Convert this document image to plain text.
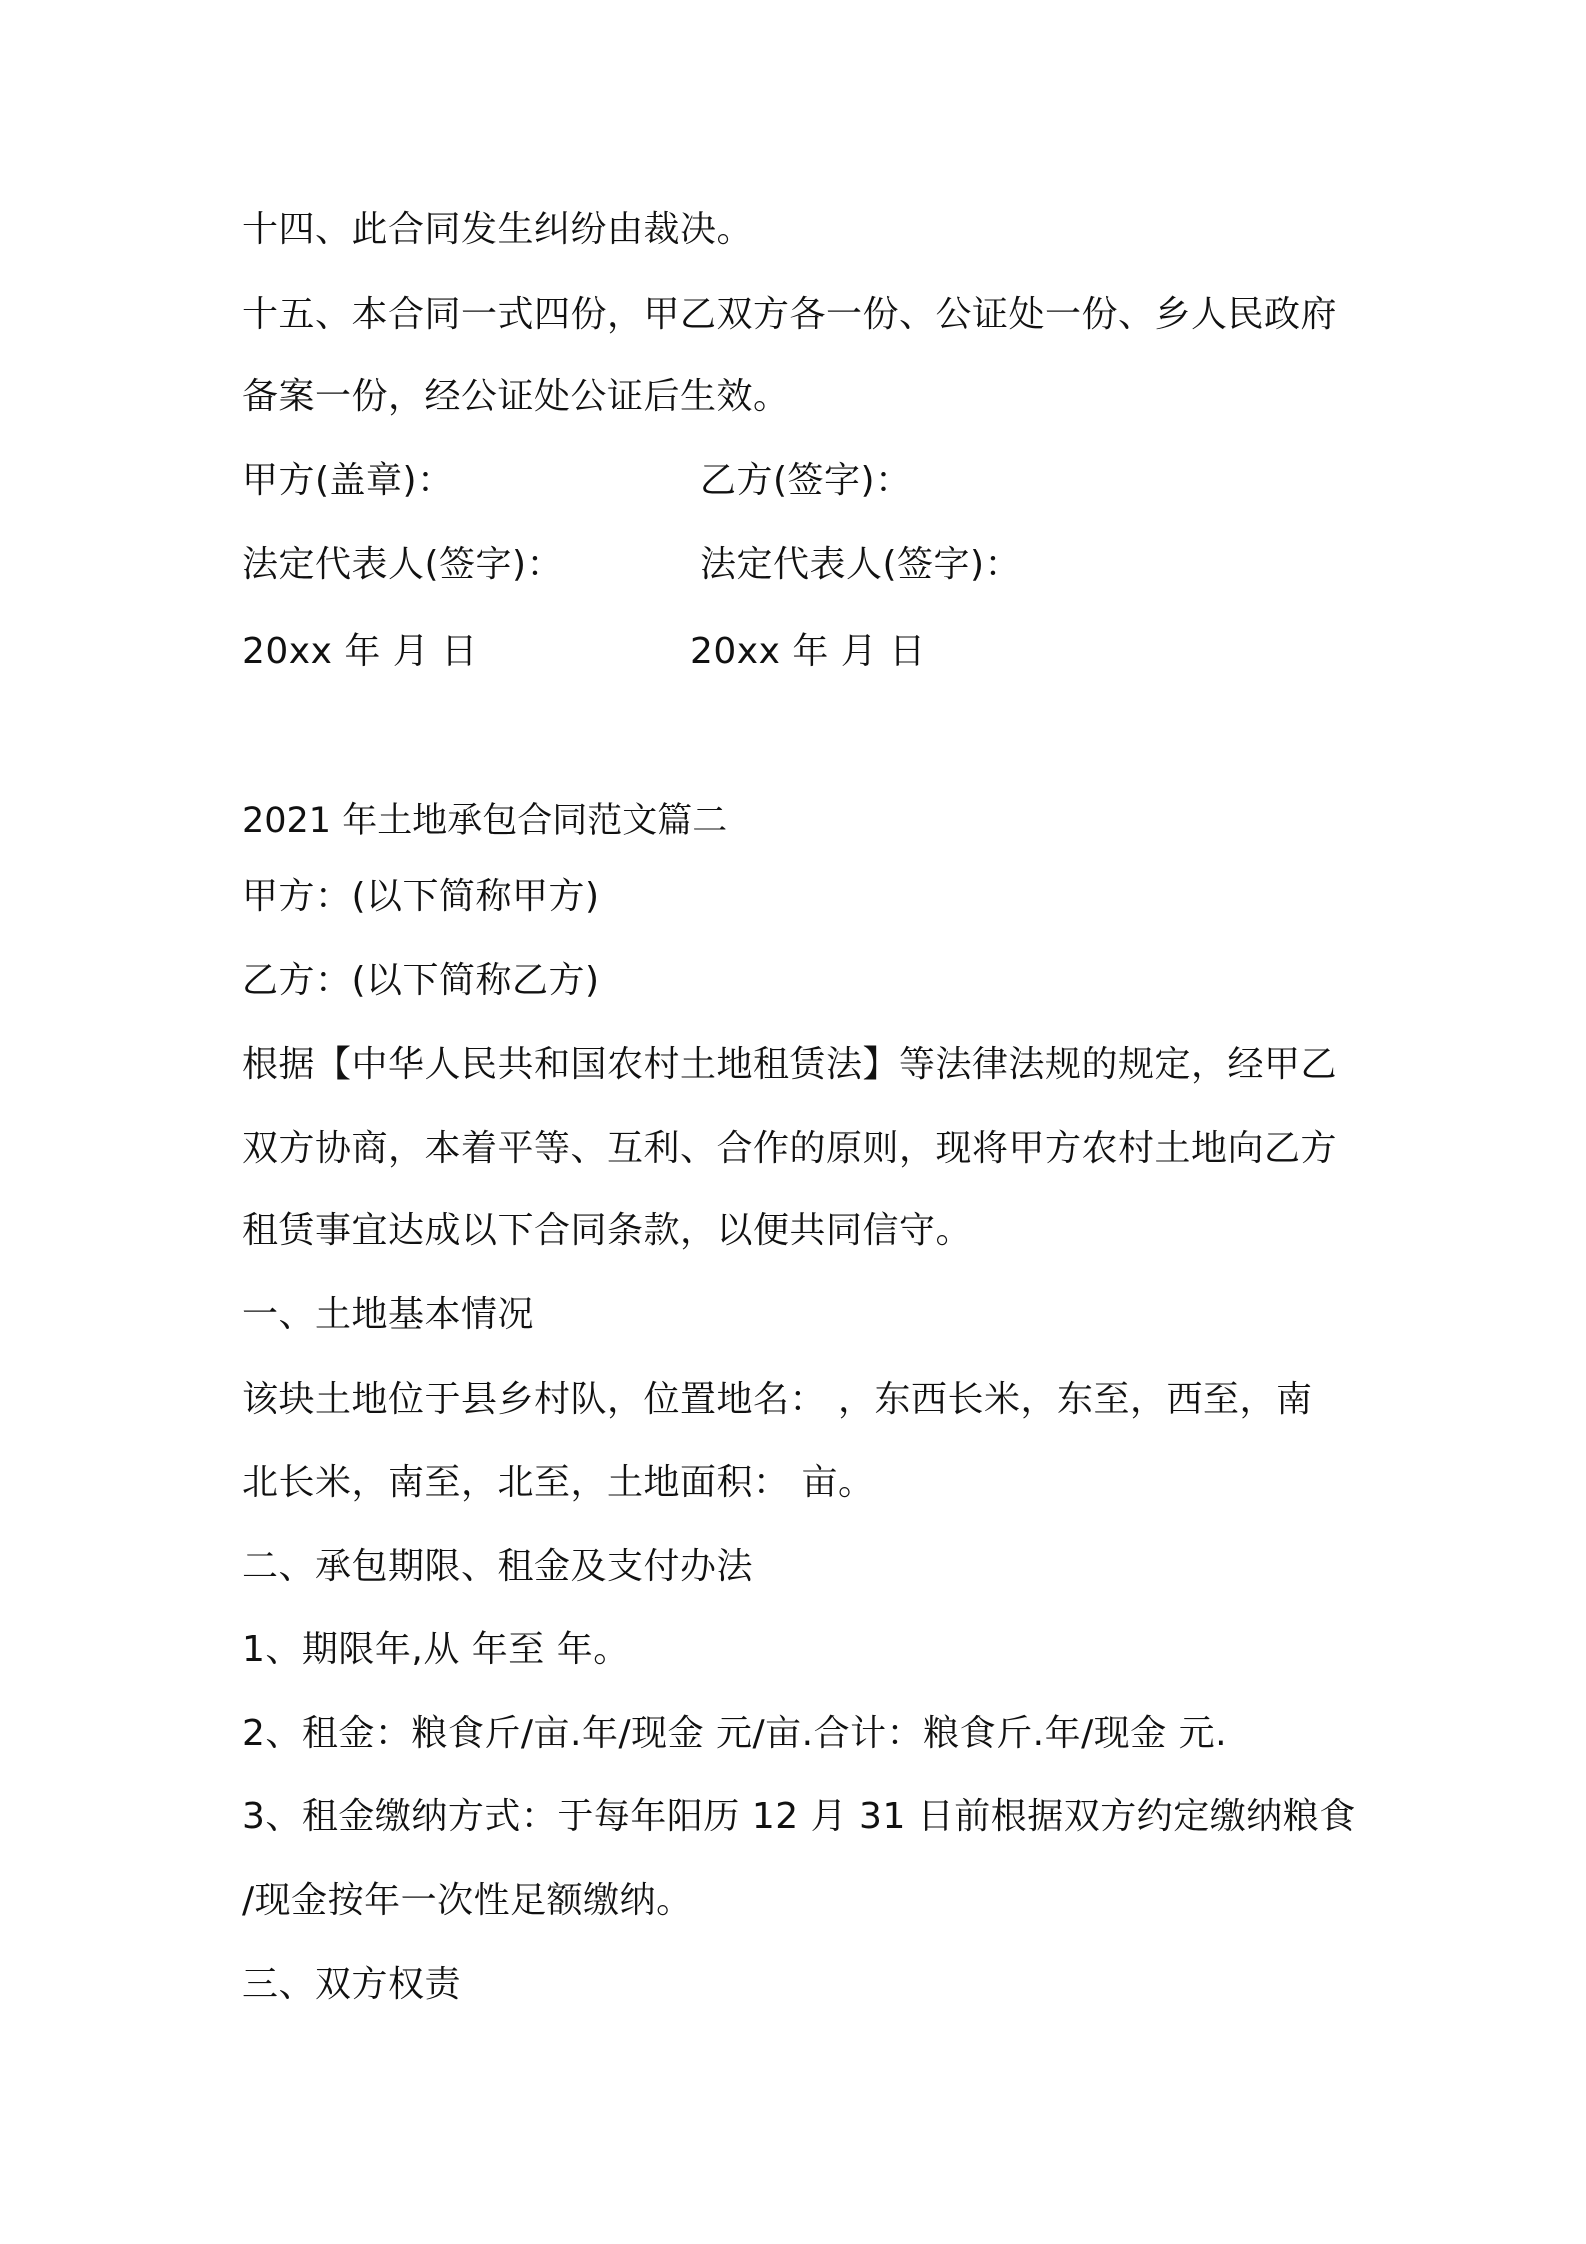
十四、此合同发生纠纷由裁决。
十五、本合同一式四份，甲乙双方各一份、公证处一份、乡人民政府
备案一份，经公证处公证后生效。
甲方(盖章)：	乙方(签字)：
法定代表人(签字)：	法定代表人(签字)：
20xx 年 月 日	20xx 年 月 日
2021 年土地承包合同范文篇二
甲方：(以下简称甲方)
乙方：(以下简称乙方)
根据【中华人民共和国农村土地租赁法】等法律法规的规定，经甲乙
双方协商，本着平等、互利、合作的原则，现将甲方农村土地向乙方
租赁事宜达成以下合同条款，以便共同信守。
一、土地基本情况
该块土地位于县乡村队，位置地名： ，东西长米，东至，西至，南
北长米，南至，北至，土地面积： 亩。
二、承包期限、租金及支付办法
1、期限年,从 年至 年。
2、租金：粮食斤/亩.年/现金 元/亩.合计：粮食斤.年/现金 元.
3、租金缴纳方式：于每年阳历 12 月 31 日前根据双方约定缴纳粮食
/现金按年一次性足额缴纳。
三、双方权责
